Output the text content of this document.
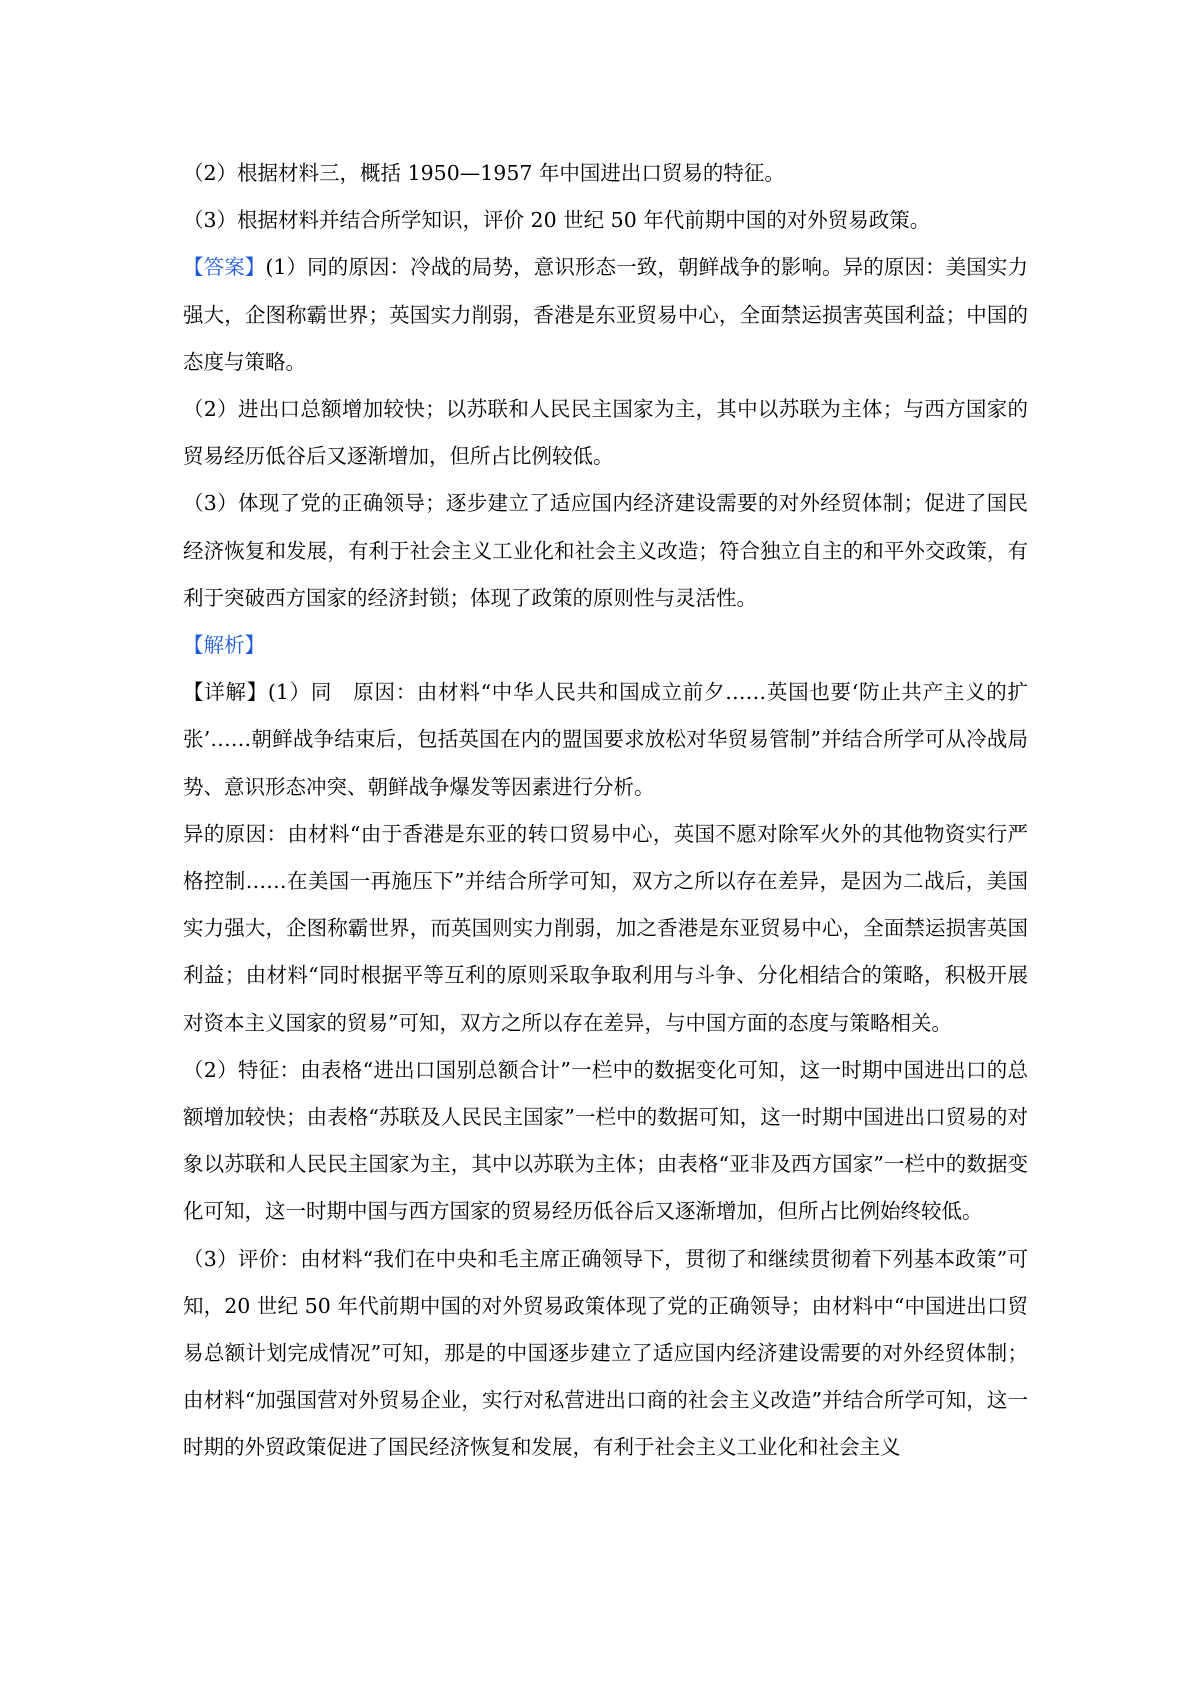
（2）根据材料三，概括 1950—1957 年中国进出口贸易的特征。

（3）根据材料并结合所学知识，评价 20 世纪 50 年代前期中国的对外贸易政策。

【答案】(1）同的原因：冷战的局势，意识形态一致，朝鲜战争的影响。异的原因：美国实力强大，企图称霸世界；英国实力削弱，香港是东亚贸易中心，全面禁运损害英国利益；中国的态度与策略。

（2）进出口总额增加较快；以苏联和人民民主国家为主，其中以苏联为主体；与西方国家的贸易经历低谷后又逐渐增加，但所占比例较低。

（3）体现了党的正确领导；逐步建立了适应国内经济建设需要的对外经贸体制；促进了国民经济恢复和发展，有利于社会主义工业化和社会主义改造；符合独立自主的和平外交政策，有利于突破西方国家的经济封锁；体现了政策的原则性与灵活性。

【解析】

【详解】(1）同　原因：由材料“中华人民共和国成立前夕……英国也要‘防止共产主义的扩张’……朝鲜战争结束后，包括英国在内的盟国要求放松对华贸易管制”并结合所学可从冷战局势、意识形态冲突、朝鲜战争爆发等因素进行分析。

异的原因：由材料“由于香港是东亚的转口贸易中心，英国不愿对除军火外的其他物资实行严格控制……在美国一再施压下”并结合所学可知，双方之所以存在差异，是因为二战后，美国实力强大，企图称霸世界，而英国则实力削弱，加之香港是东亚贸易中心，全面禁运损害英国利益；由材料“同时根据平等互利的原则采取争取利用与斗争、分化相结合的策略，积极开展对资本主义国家的贸易”可知，双方之所以存在差异，与中国方面的态度与策略相关。

（2）特征：由表格“进出口国别总额合计”一栏中的数据变化可知，这一时期中国进出口的总额增加较快；由表格“苏联及人民民主国家”一栏中的数据可知，这一时期中国进出口贸易的对象以苏联和人民民主国家为主，其中以苏联为主体；由表格“亚非及西方国家”一栏中的数据变化可知，这一时期中国与西方国家的贸易经历低谷后又逐渐增加，但所占比例始终较低。

（3）评价：由材料“我们在中央和毛主席正确领导下，贯彻了和继续贯彻着下列基本政策”可知，20 世纪 50 年代前期中国的对外贸易政策体现了党的正确领导；由材料中“中国进出口贸易总额计划完成情况”可知，那是的中国逐步建立了适应国内经济建设需要的对外经贸体制；由材料“加强国营对外贸易企业，实行对私营进出口商的社会主义改造”并结合所学可知，这一时期的外贸政策促进了国民经济恢复和发展，有利于社会主义工业化和社会主义
